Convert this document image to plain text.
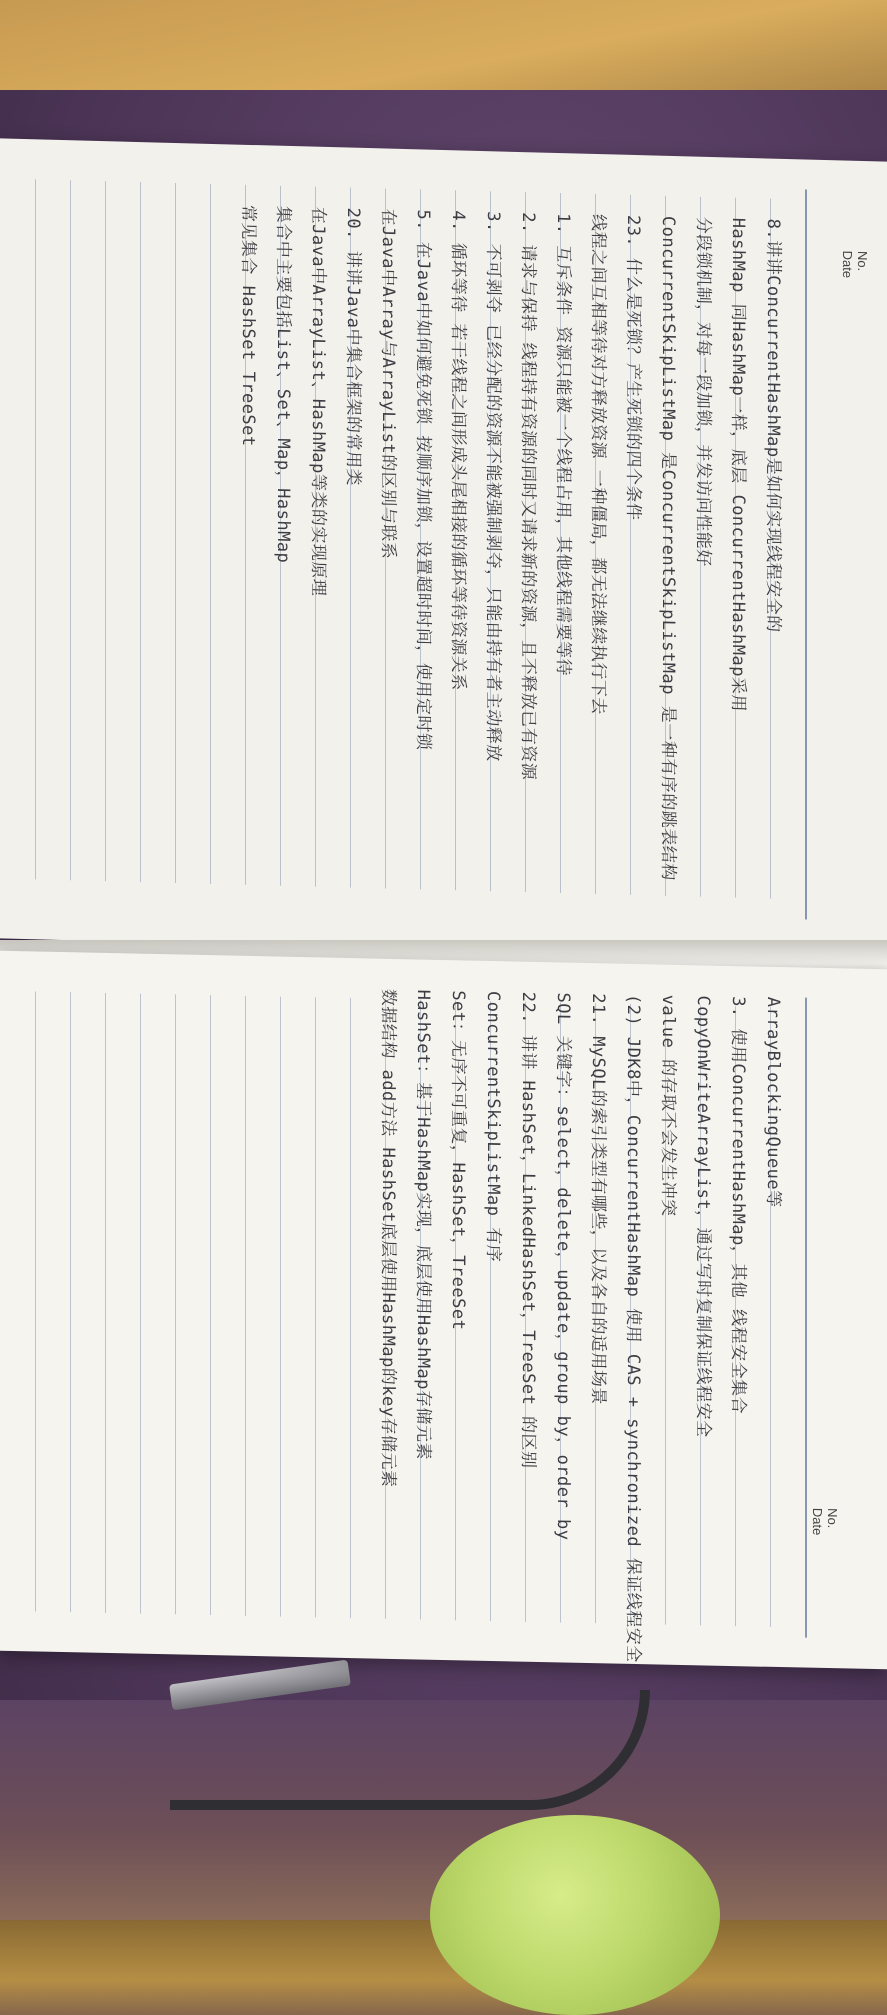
No. Date
8.讲讲ConcurrentHashMap是如何实现线程安全的
HashMap 同HashMap一样，底层 ConcurrentHashMap采用
分段锁机制，对每一段加锁，并发访问性能好
ConcurrentSkipListMap 是ConcurrentSkipListMap 是一种有序的跳表结构
23. 什么是死锁？产生死锁的四个条件
线程之间互相等待对方释放资源 一种僵局，都无法继续执行下去
1. 互斥条件 资源只能被一个线程占用，其他线程需要等待
2. 请求与保持 线程持有资源的同时又请求新的资源，且不释放已有资源
3. 不可剥夺 已经分配的资源不能被强制剥夺，只能由持有者主动释放
4. 循环等待 若干线程之间形成头尾相接的循环等待资源关系
5. 在Java中如何避免死锁 按顺序加锁，设置超时时间，使用定时锁
在Java中Array与ArrayList的区别与联系
20. 讲讲Java中集合框架的常用类
在Java中ArrayList、HashMap等类的实现原理
集合中主要包括List、Set、Map，HashMap
常见集合 HashSet TreeSet
No. Date
ArrayBlockingQueue等
3. 使用ConcurrentHashMap，其他 线程安全集合
CopyOnWriteArrayList，通过写时复制保证线程安全
value 的存取不会发生冲突
(2) JDK8中，ConcurrentHashMap 使用 CAS + synchronized 保证线程安全
21. MySQL的索引类型有哪些，以及各自的适用场景
SQL 关键字：select，delete，update，group by，order by
22. 讲讲 HashSet，LinkedHashSet，TreeSet 的区别
ConcurrentSkipListMap 有序
Set：无序不可重复，HashSet，TreeSet
HashSet：基于HashMap实现，底层使用HashMap存储元素
数据结构 add方法 HashSet底层使用HashMap的key存储元素
